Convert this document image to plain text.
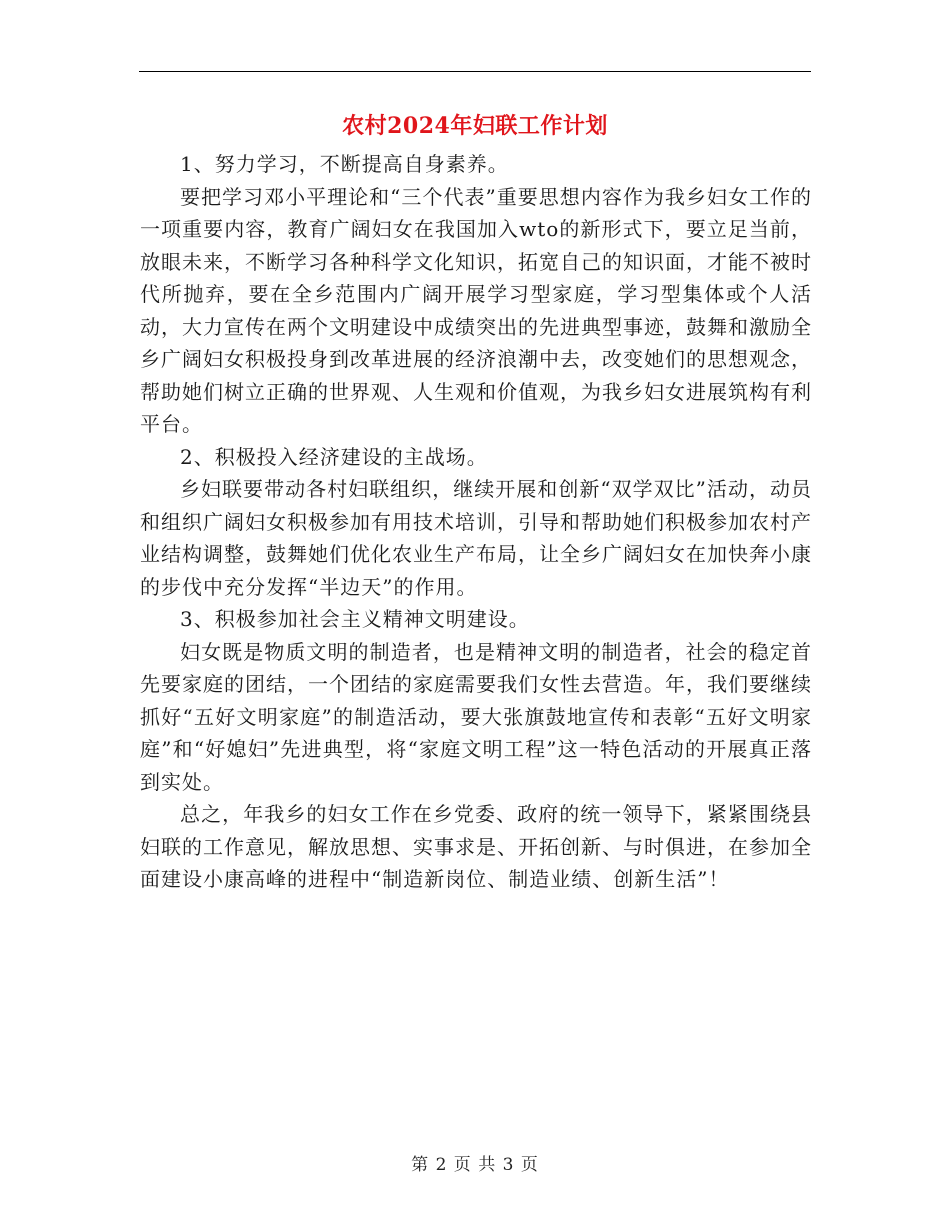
农村2024年妇联工作计划

1、努力学习，不断提高自身素养。

要把学习邓小平理论和“三个代表”重要思想内容作为我乡妇女工作的一项重要内容，教育广阔妇女在我国加入wto的新形式下，要立足当前，放眼未来，不断学习各种科学文化知识，拓宽自己的知识面，才能不被时代所抛弃，要在全乡范围内广阔开展学习型家庭，学习型集体或个人活动，大力宣传在两个文明建设中成绩突出的先进典型事迹，鼓舞和激励全乡广阔妇女积极投身到改革进展的经济浪潮中去，改变她们的思想观念，帮助她们树立正确的世界观、人生观和价值观，为我乡妇女进展筑构有利平台。

2、积极投入经济建设的主战场。

乡妇联要带动各村妇联组织，继续开展和创新“双学双比”活动，动员和组织广阔妇女积极参加有用技术培训，引导和帮助她们积极参加农村产业结构调整，鼓舞她们优化农业生产布局，让全乡广阔妇女在加快奔小康的步伐中充分发挥“半边天”的作用。

3、积极参加社会主义精神文明建设。

妇女既是物质文明的制造者，也是精神文明的制造者，社会的稳定首先要家庭的团结，一个团结的家庭需要我们女性去营造。年，我们要继续抓好“五好文明家庭”的制造活动，要大张旗鼓地宣传和表彰“五好文明家庭”和“好媳妇”先进典型，将“家庭文明工程”这一特色活动的开展真正落到实处。

总之，年我乡的妇女工作在乡党委、政府的统一领导下，紧紧围绕县妇联的工作意见，解放思想、实事求是、开拓创新、与时俱进，在参加全面建设小康高峰的进程中“制造新岗位、制造业绩、创新生活”！

第 2 页 共 3 页
